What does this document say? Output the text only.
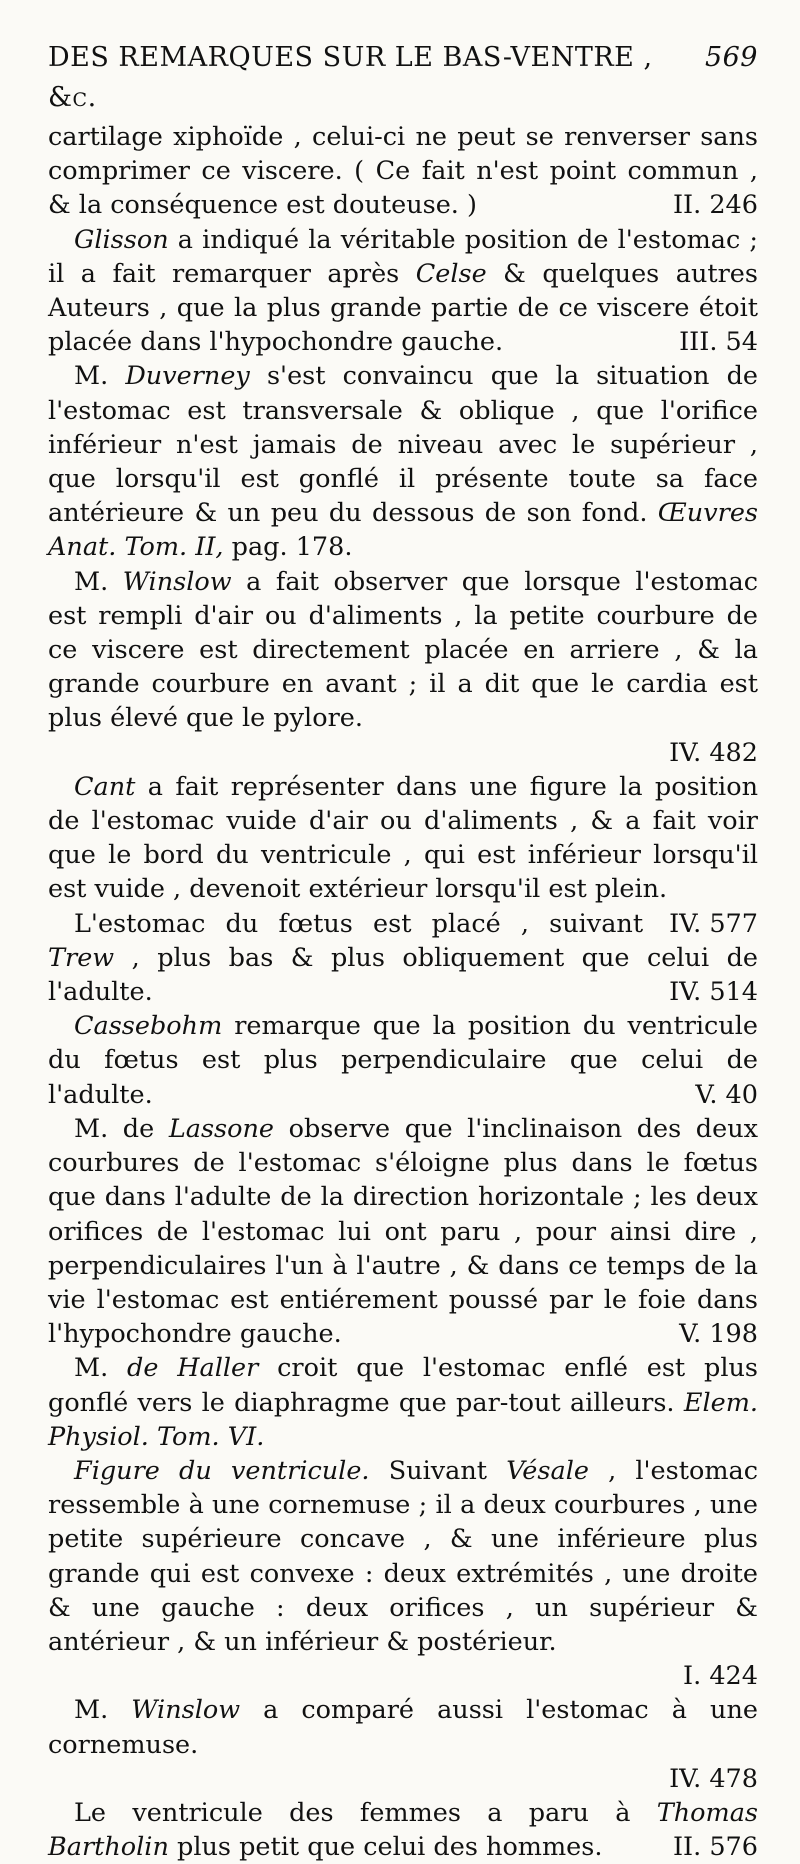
DES REMARQUES SUR LE BAS-VENTRE , &c.
569

cartilage xiphoïde , celui-ci ne peut se renverser sans comprimer ce viscere. ( Ce fait n'est point commun , & la conséquence est douteuse. )	II. 246

Glisson a indiqué la véritable position de l'estomac ; il a fait remarquer après Celse & quelques autres Auteurs , que la plus grande partie de ce viscere étoit placée dans l'hypochondre gauche.	III. 54

M. Duverney s'est convaincu que la situation de l'estomac est transversale & oblique , que l'orifice inférieur n'est jamais de niveau avec le supérieur , que lorsqu'il est gonflé il présente toute sa face antérieure & un peu du dessous de son fond. Œuvres Anat. Tom. II, pag. 178.

M. Winslow a fait observer que lorsque l'estomac est rempli d'air ou d'aliments , la petite courbure de ce viscere est directement placée en arriere , & la grande courbure en avant ; il a dit que le cardia est plus élevé que le pylore.
IV. 482

Cant a fait représenter dans une figure la position de l'estomac vuide d'air ou d'aliments , & a fait voir que le bord du ventricule , qui est inférieur lorsqu'il est vuide , devenoit extérieur lorsqu'il est plein.
IV. 577

L'estomac du fœtus est placé , suivant Trew , plus bas & plus obliquement que celui de l'adulte.	IV. 514

Cassebohm remarque que la position du ventricule du fœtus est plus perpendiculaire que celui de l'adulte.	V. 40

M. de Lassone observe que l'inclinaison des deux courbures de l'estomac s'éloigne plus dans le fœtus que dans l'adulte de la direction horizontale ; les deux orifices de l'estomac lui ont paru , pour ainsi dire , perpendiculaires l'un à l'autre , & dans ce temps de la vie l'estomac est entiérement poussé par le foie dans l'hypochondre gauche.	V. 198

M. de Haller croit que l'estomac enflé est plus gonflé vers le diaphragme que par-tout ailleurs. Elem. Physiol. Tom. VI.

Figure du ventricule. Suivant Vésale , l'estomac ressemble à une cornemuse ; il a deux courbures , une petite supérieure concave , & une inférieure plus grande qui est convexe : deux extrémités , une droite & une gauche : deux orifices , un supérieur & antérieur , & un inférieur & postérieur.
I. 424

M. Winslow a comparé aussi l'estomac à une cornemuse.
IV. 478

Le ventricule des femmes a paru à Thomas Bartholin plus petit que celui des hommes.	II. 576
